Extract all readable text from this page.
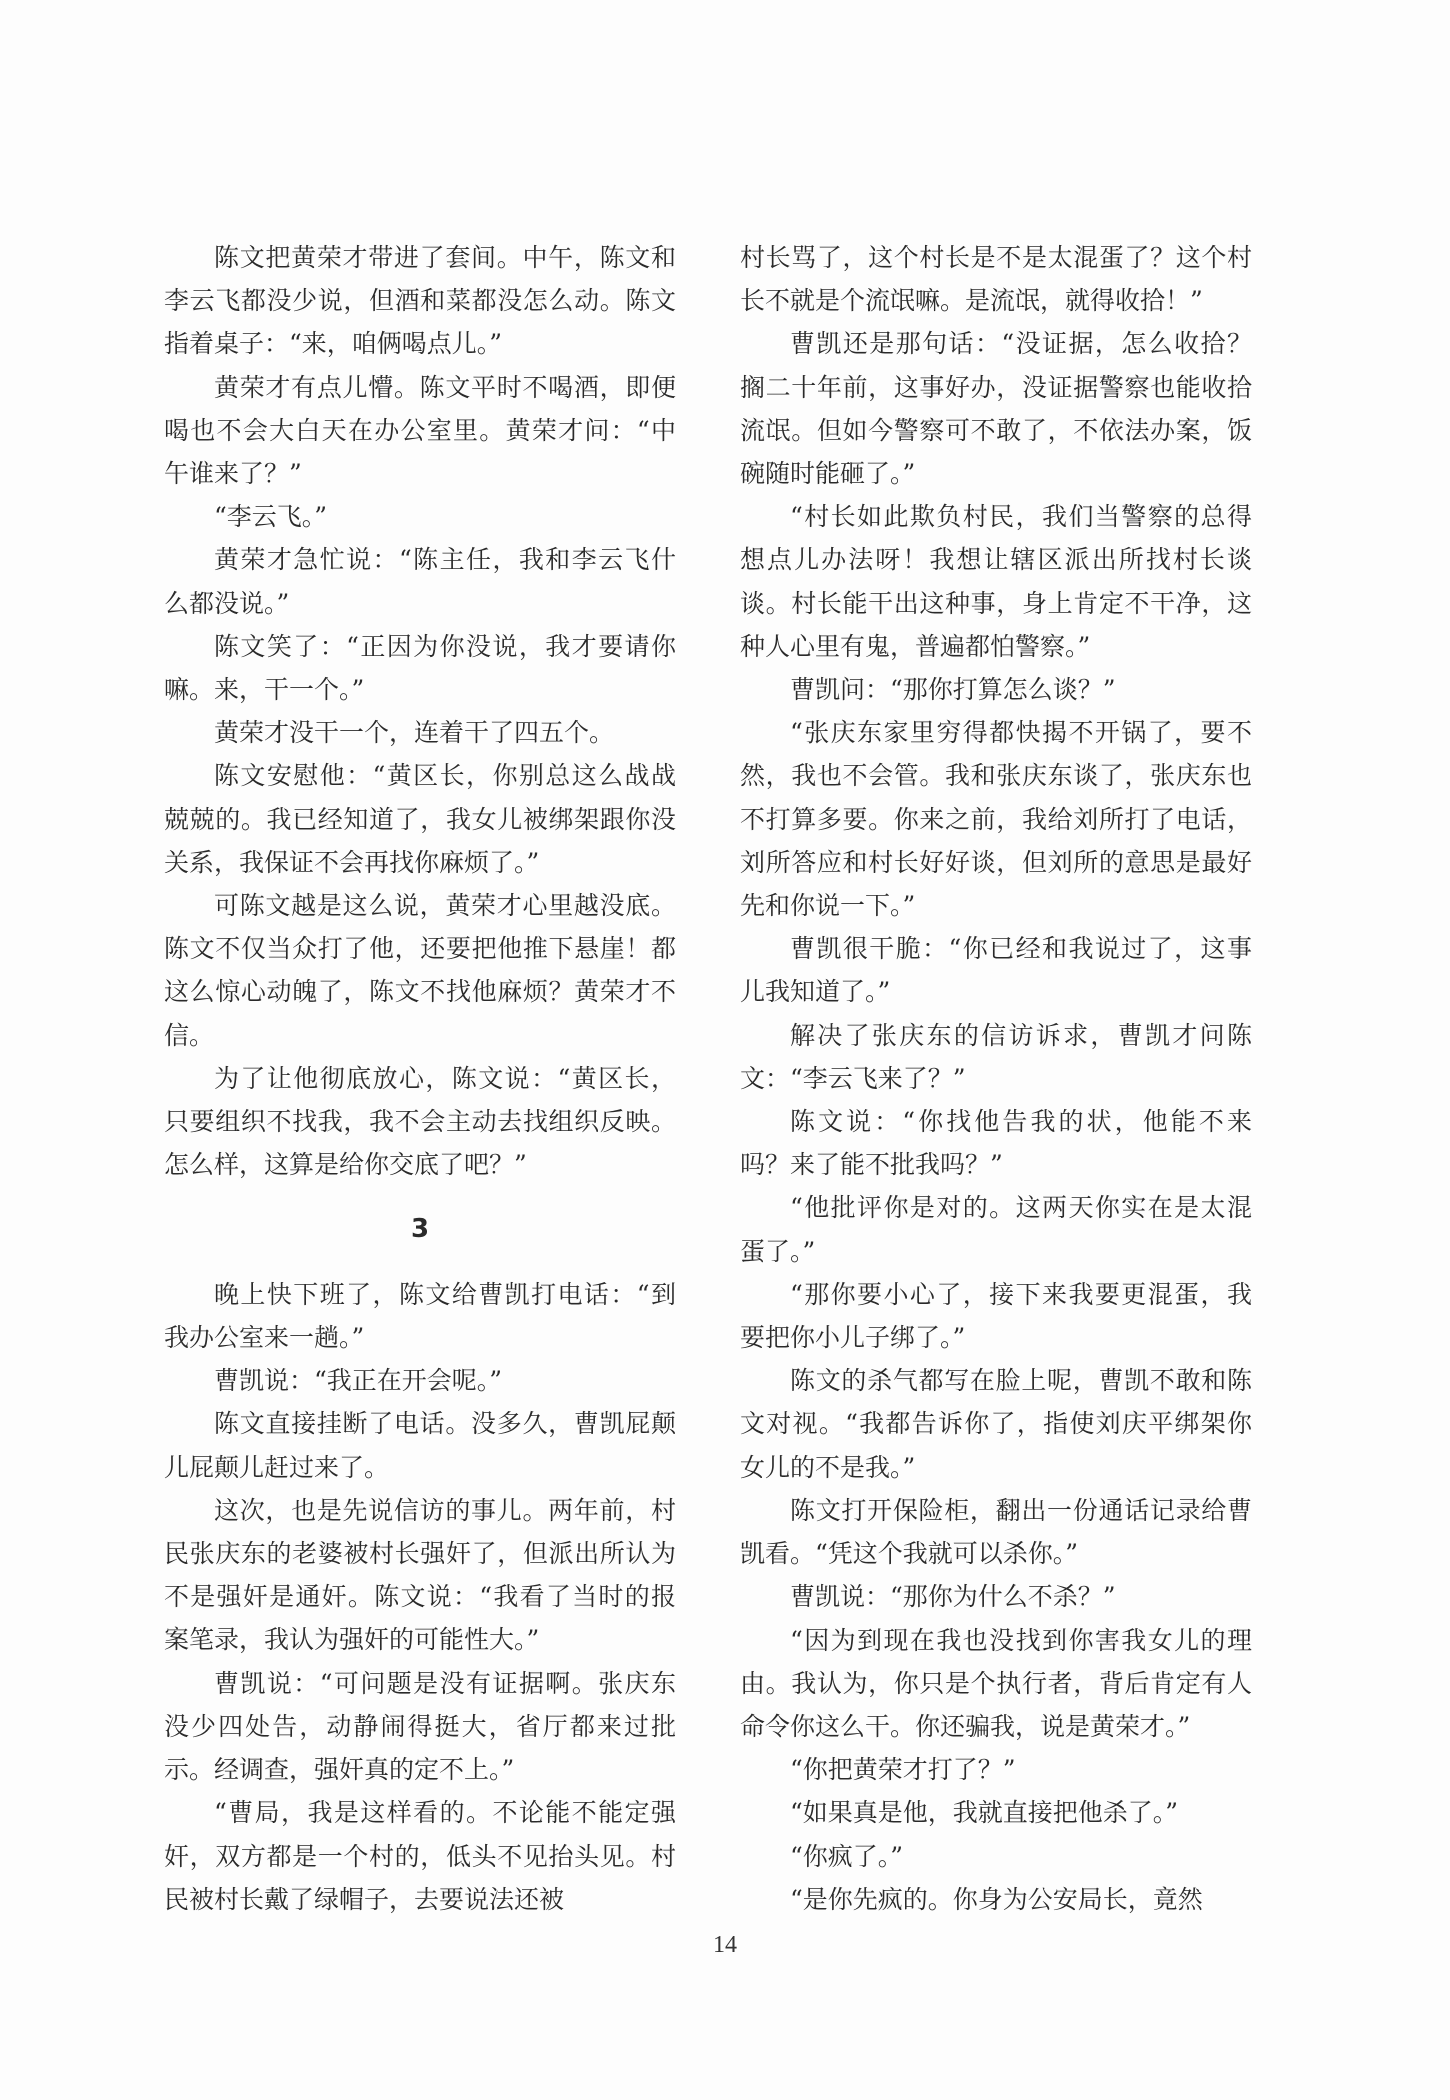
陈文把黄荣才带进了套间。中午，陈文和李云飞都没少说，但酒和菜都没怎么动。陈文指着桌子：“来，咱俩喝点儿。”

黄荣才有点儿懵。陈文平时不喝酒，即便喝也不会大白天在办公室里。黄荣才问：“中午谁来了？”

“李云飞。”

黄荣才急忙说：“陈主任，我和李云飞什么都没说。”

陈文笑了：“正因为你没说，我才要请你嘛。来，干一个。”

黄荣才没干一个，连着干了四五个。

陈文安慰他：“黄区长，你别总这么战战兢兢的。我已经知道了，我女儿被绑架跟你没关系，我保证不会再找你麻烦了。”

可陈文越是这么说，黄荣才心里越没底。陈文不仅当众打了他，还要把他推下悬崖！都这么惊心动魄了，陈文不找他麻烦？黄荣才不信。

为了让他彻底放心，陈文说：“黄区长，只要组织不找我，我不会主动去找组织反映。怎么样，这算是给你交底了吧？”

3

晚上快下班了，陈文给曹凯打电话：“到我办公室来一趟。”

曹凯说：“我正在开会呢。”

陈文直接挂断了电话。没多久，曹凯屁颠儿屁颠儿赶过来了。

这次，也是先说信访的事儿。两年前，村民张庆东的老婆被村长强奸了，但派出所认为不是强奸是通奸。陈文说：“我看了当时的报案笔录，我认为强奸的可能性大。”

曹凯说：“可问题是没有证据啊。张庆东没少四处告，动静闹得挺大，省厅都来过批示。经调查，强奸真的定不上。”

“曹局，我是这样看的。不论能不能定强奸，双方都是一个村的，低头不见抬头见。村民被村长戴了绿帽子，去要说法还被

村长骂了，这个村长是不是太混蛋了？这个村长不就是个流氓嘛。是流氓，就得收拾！”

曹凯还是那句话：“没证据，怎么收拾？搁二十年前，这事好办，没证据警察也能收拾流氓。但如今警察可不敢了，不依法办案，饭碗随时能砸了。”

“村长如此欺负村民，我们当警察的总得想点儿办法呀！我想让辖区派出所找村长谈谈。村长能干出这种事，身上肯定不干净，这种人心里有鬼，普遍都怕警察。”

曹凯问：“那你打算怎么谈？”

“张庆东家里穷得都快揭不开锅了，要不然，我也不会管。我和张庆东谈了，张庆东也不打算多要。你来之前，我给刘所打了电话，刘所答应和村长好好谈，但刘所的意思是最好先和你说一下。”

曹凯很干脆：“你已经和我说过了，这事儿我知道了。”

解决了张庆东的信访诉求，曹凯才问陈文：“李云飞来了？”

陈文说：“你找他告我的状，他能不来吗？来了能不批我吗？”

“他批评你是对的。这两天你实在是太混蛋了。”

“那你要小心了，接下来我要更混蛋，我要把你小儿子绑了。”

陈文的杀气都写在脸上呢，曹凯不敢和陈文对视。“我都告诉你了，指使刘庆平绑架你女儿的不是我。”

陈文打开保险柜，翻出一份通话记录给曹凯看。“凭这个我就可以杀你。”

曹凯说：“那你为什么不杀？”

“因为到现在我也没找到你害我女儿的理由。我认为，你只是个执行者，背后肯定有人命令你这么干。你还骗我，说是黄荣才。”

“你把黄荣才打了？”

“如果真是他，我就直接把他杀了。”

“你疯了。”

“是你先疯的。你身为公安局长，竟然

14
